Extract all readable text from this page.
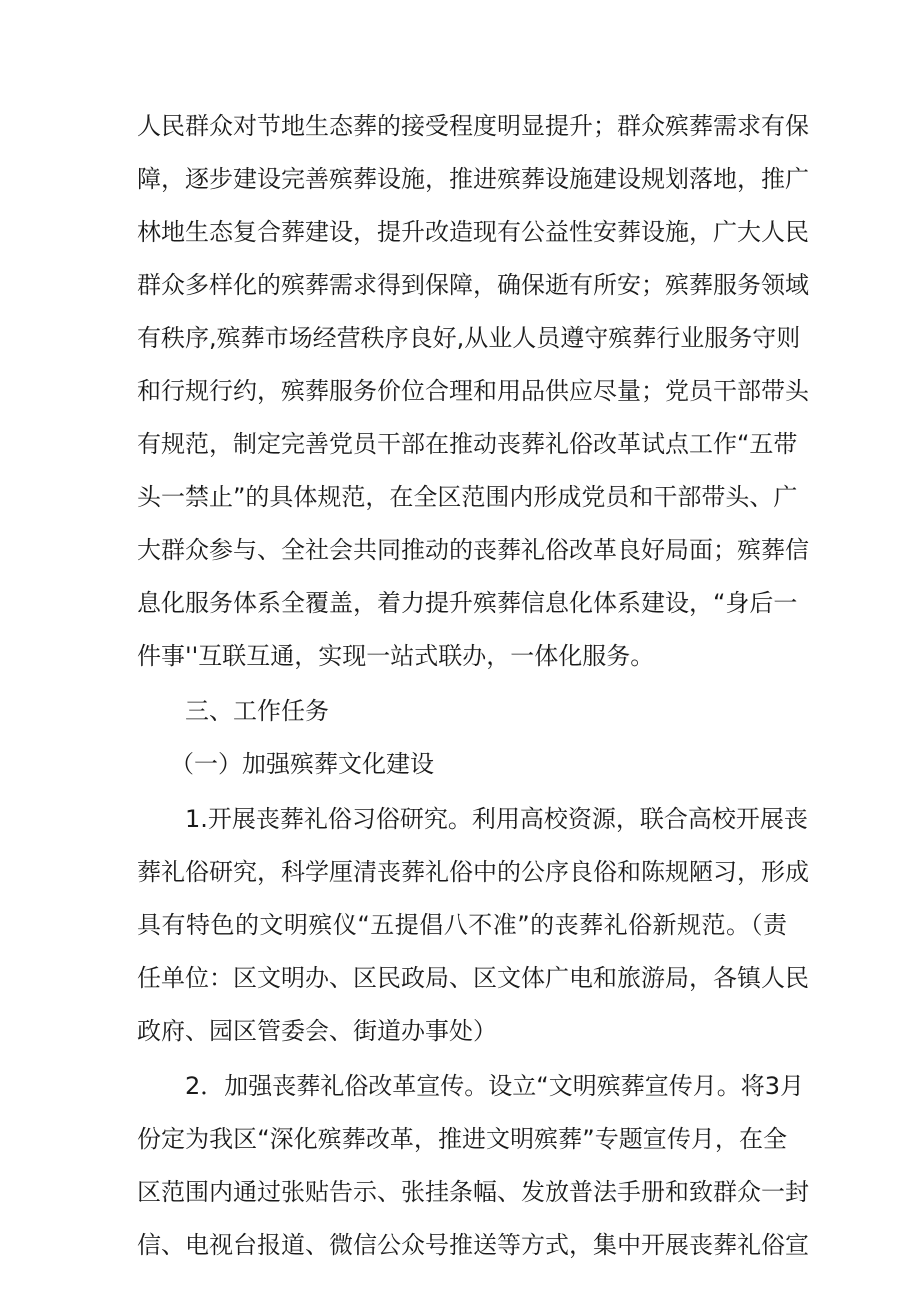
人民群众对节地生态葬的接受程度明显提升；群众殡葬需求有保
障，逐步建设完善殡葬设施，推进殡葬设施建设规划落地，推广
林地生态复合葬建设，提升改造现有公益性安葬设施，广大人民
群众多样化的殡葬需求得到保障，确保逝有所安；殡葬服务领域
有秩序,殡葬市场经营秩序良好,从业人员遵守殡葬行业服务守则
和行规行约，殡葬服务价位合理和用品供应尽量；党员干部带头
有规范，制定完善党员干部在推动丧葬礼俗改革试点工作“五带
头一禁止”的具体规范，在全区范围内形成党员和干部带头、广
大群众参与、全社会共同推动的丧葬礼俗改革良好局面；殡葬信
息化服务体系全覆盖，着力提升殡葬信息化体系建设，“身后一
件事''互联互通，实现一站式联办，一体化服务。
三、工作任务
（一）加强殡葬文化建设
1.开展丧葬礼俗习俗研究。利用高校资源，联合高校开展丧
葬礼俗研究，科学厘清丧葬礼俗中的公序良俗和陈规陋习，形成
具有特色的文明殡仪“五提倡八不准”的丧葬礼俗新规范。（责
任单位：区文明办、区民政局、区文体广电和旅游局，各镇人民
政府、园区管委会、街道办事处）
2．加强丧葬礼俗改革宣传。设立“文明殡葬宣传月。将3月
份定为我区“深化殡葬改革，推进文明殡葬”专题宣传月，在全
区范围内通过张贴告示、张挂条幅、发放普法手册和致群众一封
信、电视台报道、微信公众号推送等方式，集中开展丧葬礼俗宣
